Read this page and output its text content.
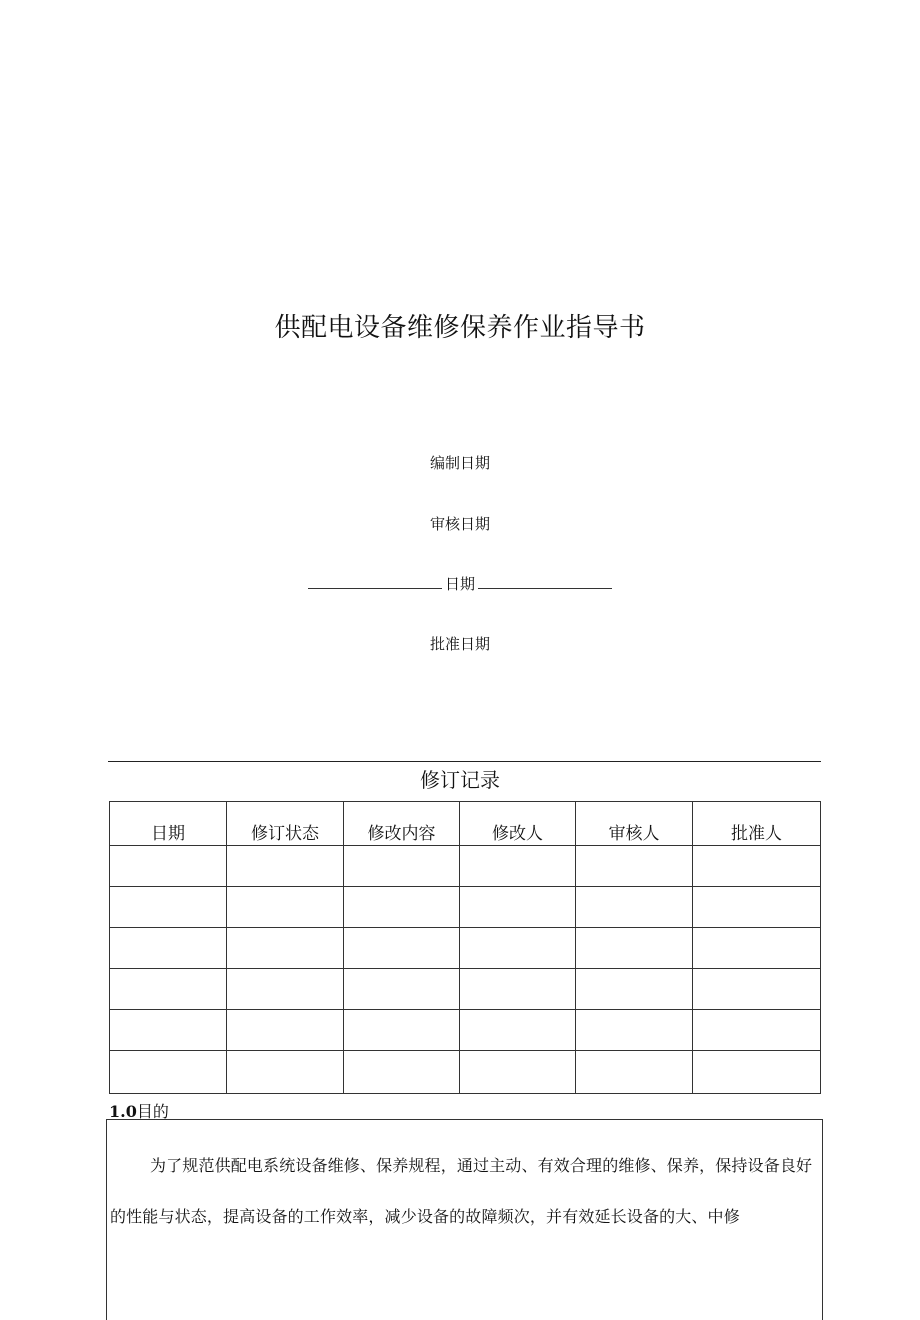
供配电设备维修保养作业指导书
编制日期
审核日期
日期
批准日期
修订记录
日期	修订状态	修改内容	修改人	审核人	批准人

1.0目的
为了规范供配电系统设备维修、保养规程，通过主动、有效合理的维修、保养，保持设备良好的性能与状态，提高设备的工作效率，减少设备的故障频次，并有效延长设备的大、中修
